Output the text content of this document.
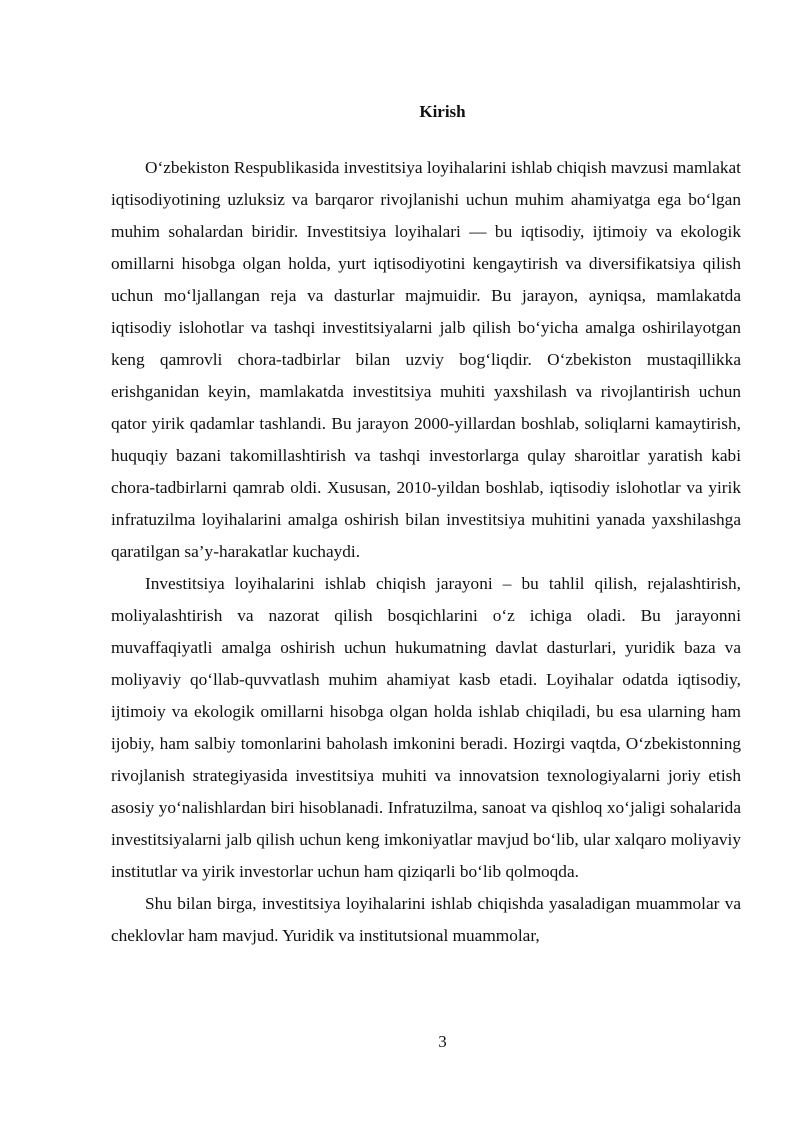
Kirish

O‘zbekiston Respublikasida investitsiya loyihalarini ishlab chiqish mavzusi mamlakat iqtisodiyotining uzluksiz va barqaror rivojlanishi uchun muhim ahamiyatga ega bo‘lgan muhim sohalardan biridir. Investitsiya loyihalari — bu iqtisodiy, ijtimoiy va ekologik omillarni hisobga olgan holda, yurt iqtisodiyotini kengaytirish va diversifikatsiya qilish uchun mo‘ljallangan reja va dasturlar majmuidir. Bu jarayon, ayniqsa, mamlakatda iqtisodiy islohotlar va tashqi investitsiyalarni jalb qilish bo‘yicha amalga oshirilayotgan keng qamrovli chora-tadbirlar bilan uzviy bog‘liqdir. O‘zbekiston mustaqillikka erishganidan keyin, mamlakatda investitsiya muhiti yaxshilash va rivojlantirish uchun qator yirik qadamlar tashlandi. Bu jarayon 2000-yillardan boshlab, soliqlarni kamaytirish, huquqiy bazani takomillashtirish va tashqi investorlarga qulay sharoitlar yaratish kabi chora-tadbirlarni qamrab oldi. Xususan, 2010-yildan boshlab, iqtisodiy islohotlar va yirik infratuzilma loyihalarini amalga oshirish bilan investitsiya muhitini yanada yaxshilashga qaratilgan sa’y-harakatlar kuchaydi.

Investitsiya loyihalarini ishlab chiqish jarayoni – bu tahlil qilish, rejalashtirish, moliyalashtirish va nazorat qilish bosqichlarini o‘z ichiga oladi. Bu jarayonni muvaffaqiyatli amalga oshirish uchun hukumatning davlat dasturlari, yuridik baza va moliyaviy qo‘llab-quvvatlash muhim ahamiyat kasb etadi. Loyihalar odatda iqtisodiy, ijtimoiy va ekologik omillarni hisobga olgan holda ishlab chiqiladi, bu esa ularning ham ijobiy, ham salbiy tomonlarini baholash imkonini beradi. Hozirgi vaqtda, O‘zbekistonning rivojlanish strategiyasida investitsiya muhiti va innovatsion texnologiyalarni joriy etish asosiy yo‘nalishlardan biri hisoblanadi. Infratuzilma, sanoat va qishloq xo‘jaligi sohalarida investitsiyalarni jalb qilish uchun keng imkoniyatlar mavjud bo‘lib, ular xalqaro moliyaviy institutlar va yirik investorlar uchun ham qiziqarli bo‘lib qolmoqda.

Shu bilan birga, investitsiya loyihalarini ishlab chiqishda yasaladigan muammolar va cheklovlar ham mavjud. Yuridik va institutsional muammolar,

3
